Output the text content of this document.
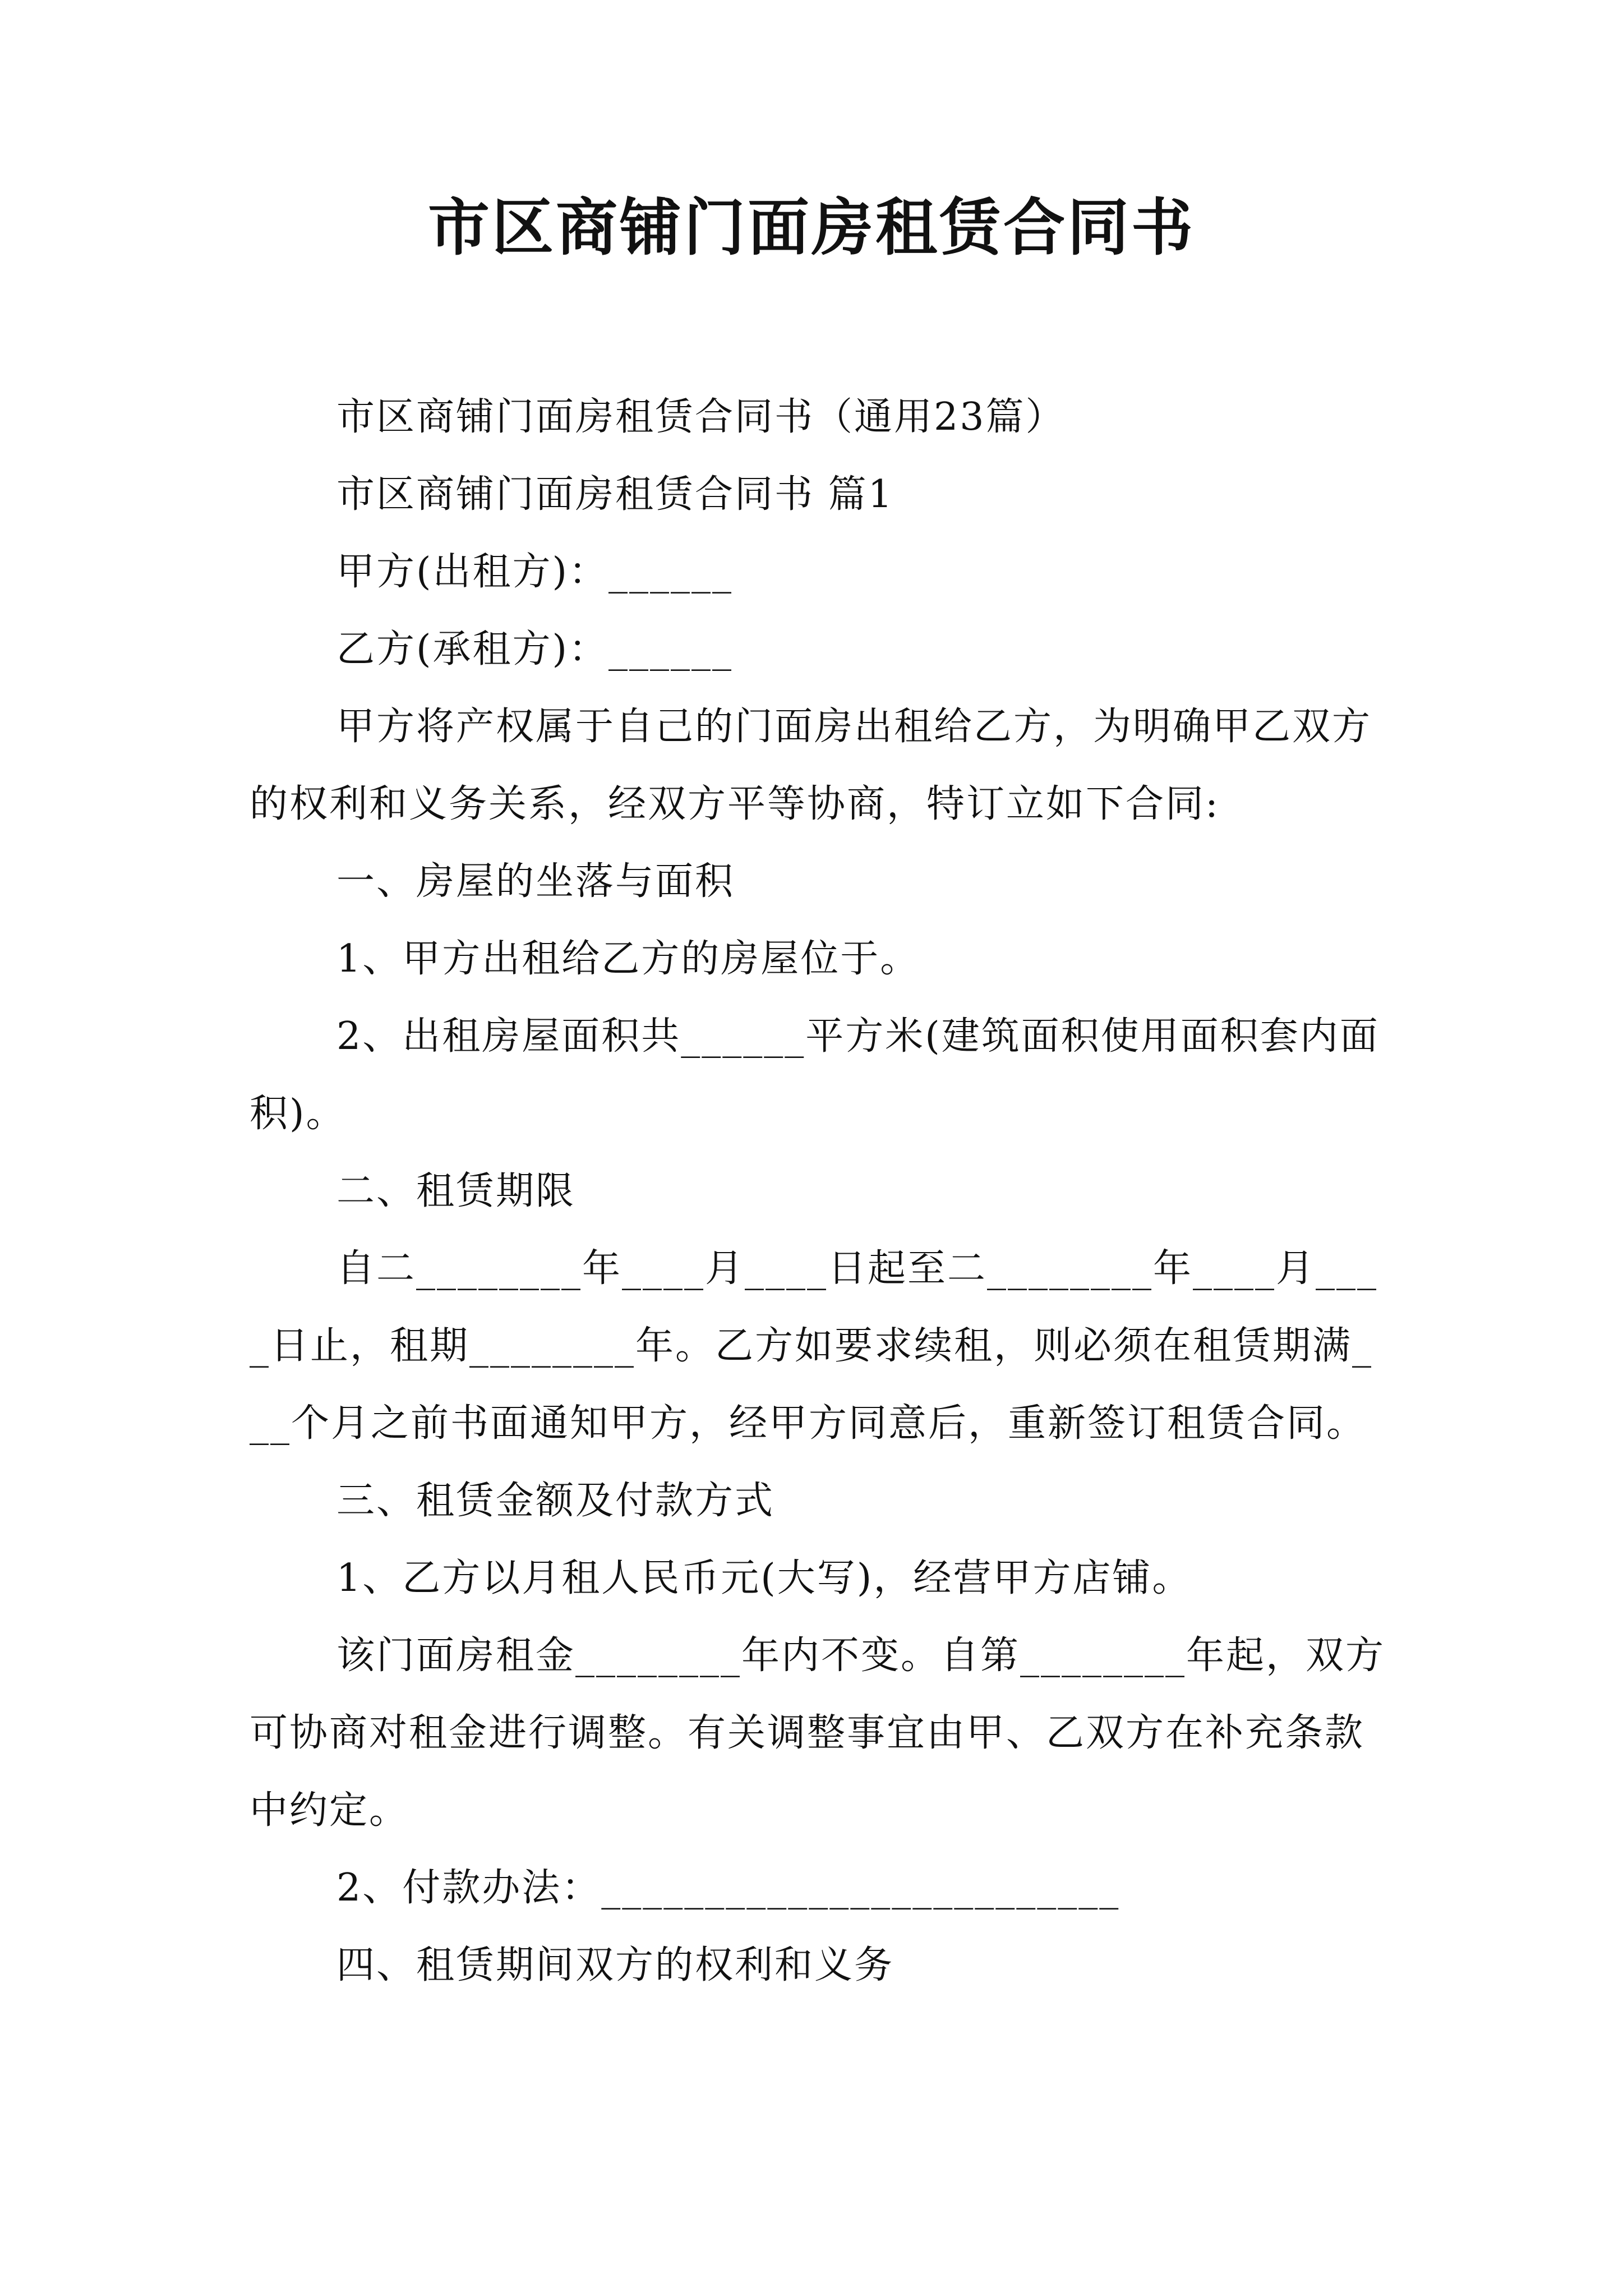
市区商铺门面房租赁合同书

市区商铺门面房租赁合同书（通用23篇）

市区商铺门面房租赁合同书 篇1

甲方(出租方)：______

乙方(承租方)：______

甲方将产权属于自己的门面房出租给乙方，为明确甲乙双方的权利和义务关系，经双方平等协商，特订立如下合同:

一、房屋的坐落与面积

1、甲方出租给乙方的房屋位于。

2、出租房屋面积共______平方米(建筑面积使用面积套内面积)。

二、租赁期限

自二________年____月____日起至二________年____月____日止，租期________年。乙方如要求续租，则必须在租赁期满___个月之前书面通知甲方，经甲方同意后，重新签订租赁合同。

三、租赁金额及付款方式

1、乙方以月租人民币元(大写)，经营甲方店铺。

该门面房租金________年内不变。自第________年起，双方可协商对租金进行调整。有关调整事宜由甲、乙双方在补充条款中约定。

2、付款办法：_________________________

四、租赁期间双方的权利和义务
